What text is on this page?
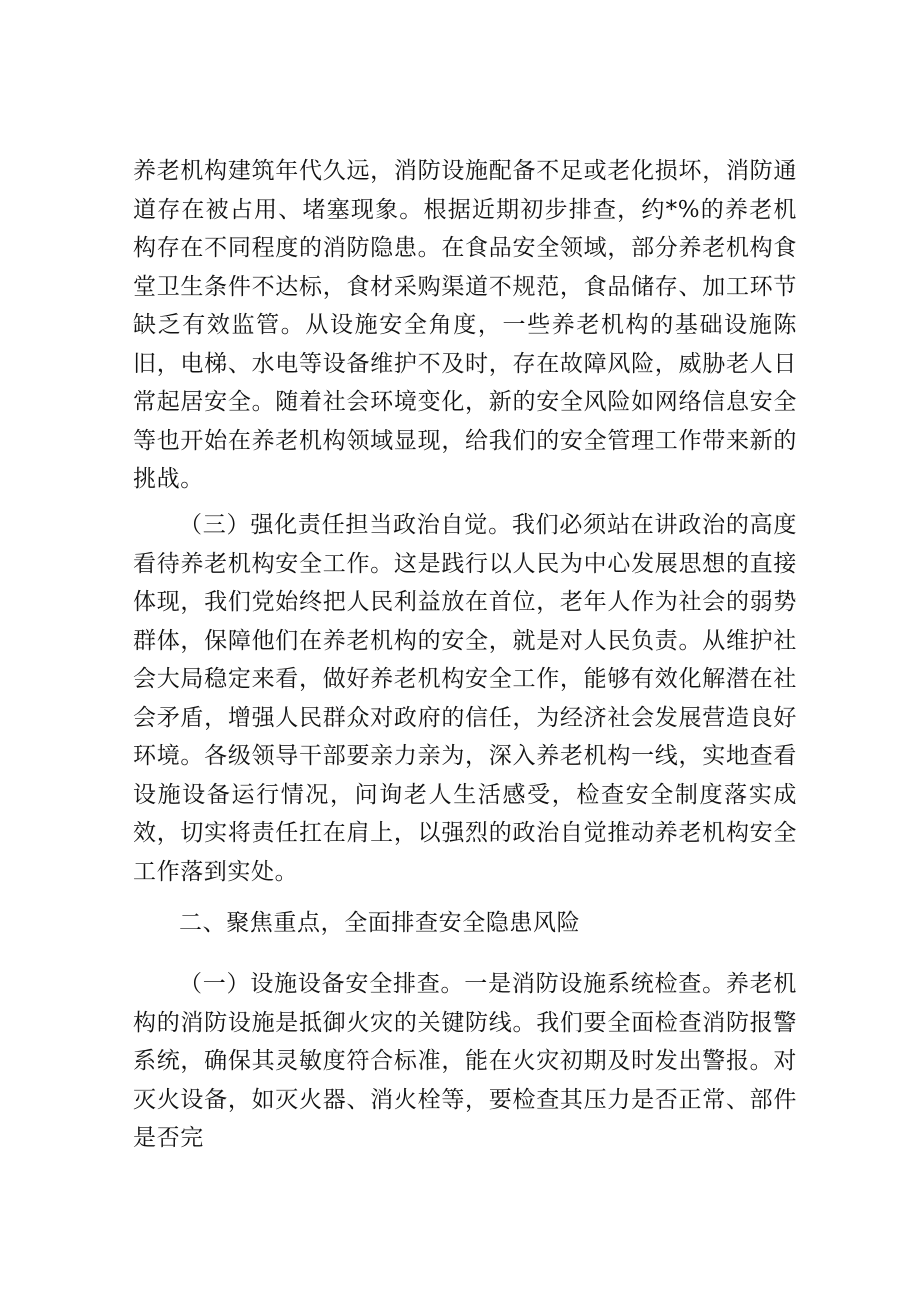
养老机构建筑年代久远，消防设施配备不足或老化损坏，消防通道存在被占用、堵塞现象。根据近期初步排查，约*%的养老机构存在不同程度的消防隐患。在食品安全领域，部分养老机构食堂卫生条件不达标，食材采购渠道不规范，食品储存、加工环节缺乏有效监管。从设施安全角度，一些养老机构的基础设施陈旧，电梯、水电等设备维护不及时，存在故障风险，威胁老人日常起居安全。随着社会环境变化，新的安全风险如网络信息安全等也开始在养老机构领域显现，给我们的安全管理工作带来新的挑战。

（三）强化责任担当政治自觉。我们必须站在讲政治的高度看待养老机构安全工作。这是践行以人民为中心发展思想的直接体现，我们党始终把人民利益放在首位，老年人作为社会的弱势群体，保障他们在养老机构的安全，就是对人民负责。从维护社会大局稳定来看，做好养老机构安全工作，能够有效化解潜在社会矛盾，增强人民群众对政府的信任，为经济社会发展营造良好环境。各级领导干部要亲力亲为，深入养老机构一线，实地查看设施设备运行情况，问询老人生活感受，检查安全制度落实成效，切实将责任扛在肩上，以强烈的政治自觉推动养老机构安全工作落到实处。

二、聚焦重点，全面排查安全隐患风险

（一）设施设备安全排查。一是消防设施系统检查。养老机构的消防设施是抵御火灾的关键防线。我们要全面检查消防报警系统，确保其灵敏度符合标准，能在火灾初期及时发出警报。对灭火设备，如灭火器、消火栓等，要检查其压力是否正常、部件是否完
